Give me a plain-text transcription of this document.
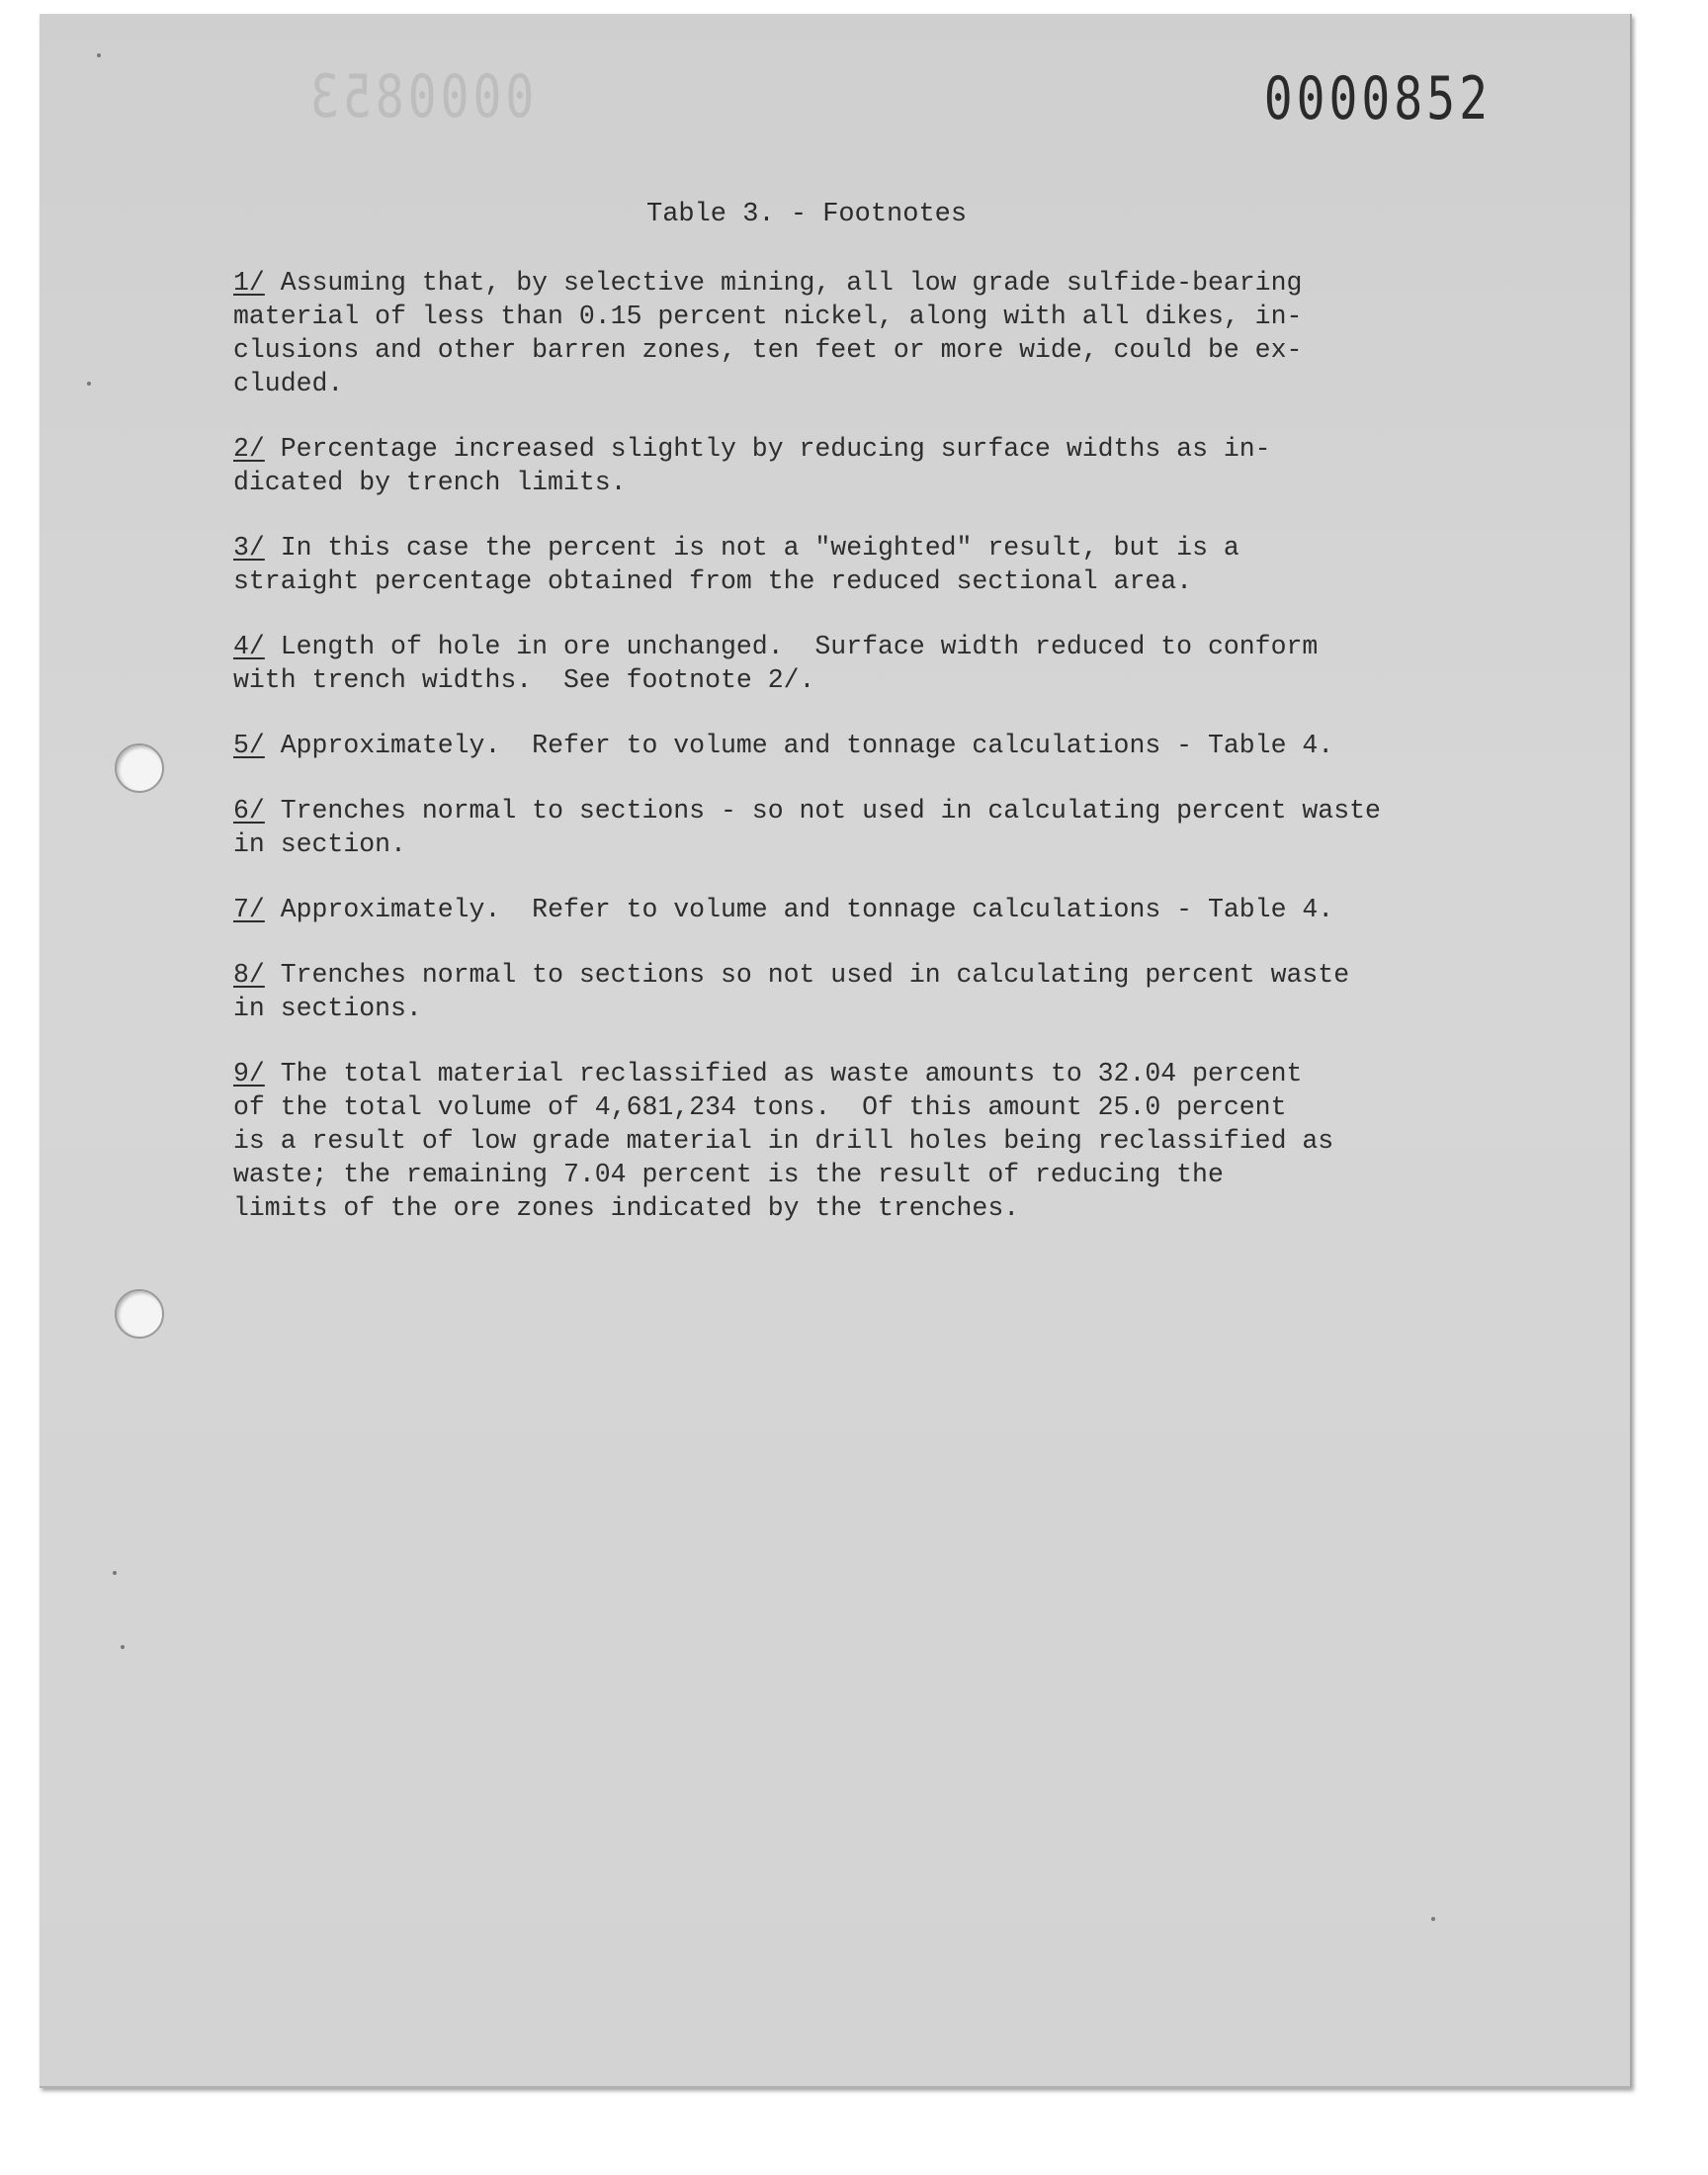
0000853	0000852
Table 3. - Footnotes
1/ Assuming that, by selective mining, all low grade sulfide-bearing
material of less than 0.15 percent nickel, along with all dikes, in-
clusions and other barren zones, ten feet or more wide, could be ex-
cluded.
2/ Percentage increased slightly by reducing surface widths as in-
dicated by trench limits.
3/ In this case the percent is not a "weighted" result, but is a
straight percentage obtained from the reduced sectional area.
4/ Length of hole in ore unchanged.  Surface width reduced to conform
with trench widths.  See footnote 2/.
5/ Approximately.  Refer to volume and tonnage calculations - Table 4.
6/ Trenches normal to sections - so not used in calculating percent waste
in section.
7/ Approximately.  Refer to volume and tonnage calculations - Table 4.
8/ Trenches normal to sections so not used in calculating percent waste
in sections.
9/ The total material reclassified as waste amounts to 32.04 percent
of the total volume of 4,681,234 tons.  Of this amount 25.0 percent
is a result of low grade material in drill holes being reclassified as
waste; the remaining 7.04 percent is the result of reducing the
limits of the ore zones indicated by the trenches.
